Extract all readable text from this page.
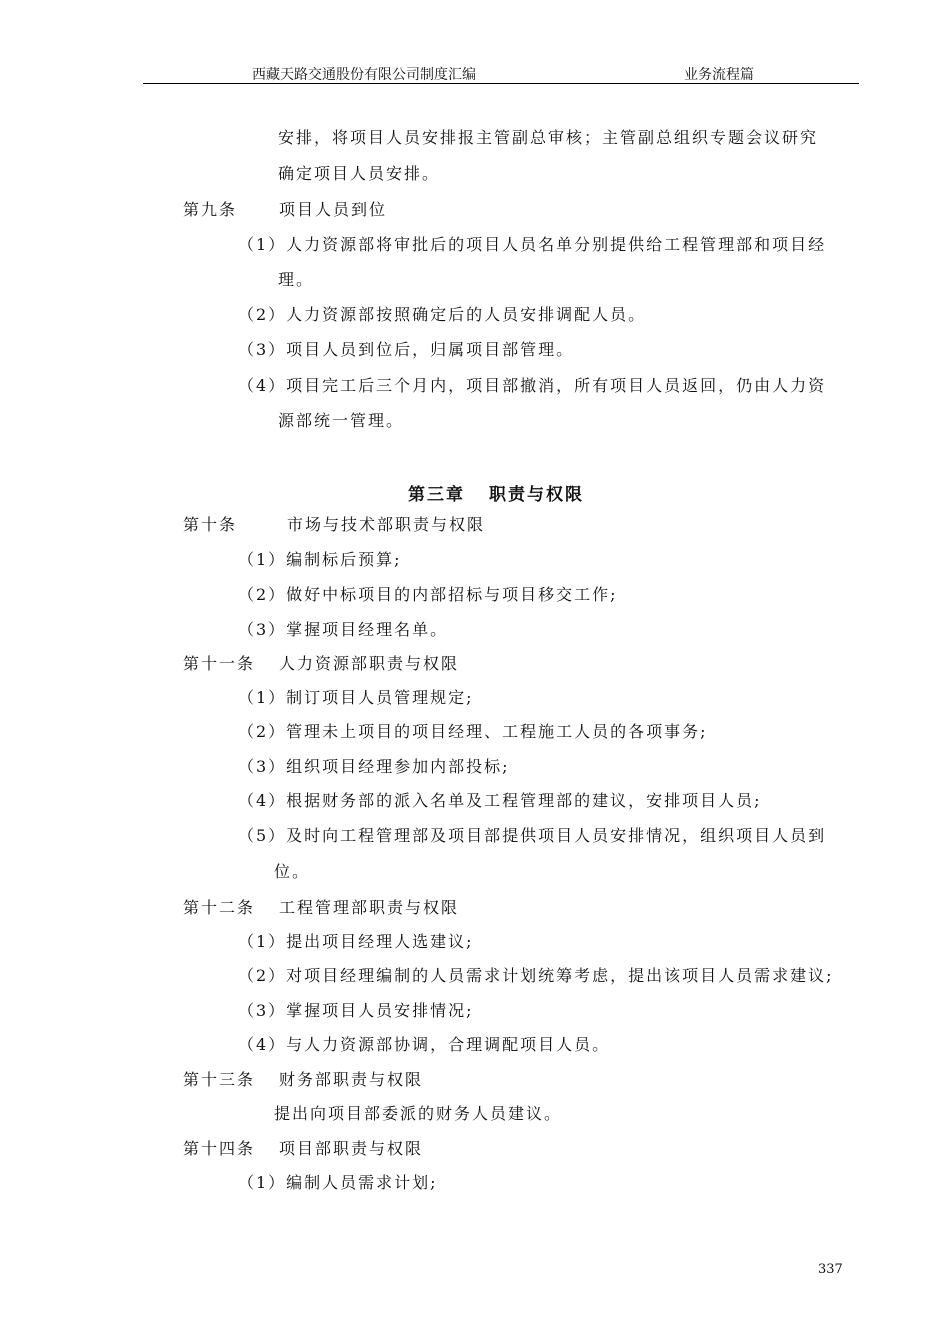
西藏天路交通股份有限公司制度汇编	业务流程篇
安排，将项目人员安排报主管副总审核；主管副总组织专题会议研究
确定项目人员安排。
第九条	项目人员到位
（1）人力资源部将审批后的项目人员名单分别提供给工程管理部和项目经
理。
（2）人力资源部按照确定后的人员安排调配人员。
（3）项目人员到位后，归属项目部管理。
（4）项目完工后三个月内，项目部撤消，所有项目人员返回，仍由人力资
源部统一管理。
第三章 职责与权限
第十条	市场与技术部职责与权限
（1）编制标后预算;
（2）做好中标项目的内部招标与项目移交工作;
（3）掌握项目经理名单。
第十一条 人力资源部职责与权限
（1）制订项目人员管理规定;
（2）管理未上项目的项目经理、工程施工人员的各项事务;
（3）组织项目经理参加内部投标;
（4）根据财务部的派入名单及工程管理部的建议，安排项目人员;
（5）及时向工程管理部及项目部提供项目人员安排情况，组织项目人员到
位。
第十二条 工程管理部职责与权限
（1）提出项目经理人选建议;
（2）对项目经理编制的人员需求计划统筹考虑，提出该项目人员需求建议;
（3）掌握项目人员安排情况;
（4）与人力资源部协调，合理调配项目人员。
第十三条 财务部职责与权限
提出向项目部委派的财务人员建议。
第十四条 项目部职责与权限
（1）编制人员需求计划;
337
